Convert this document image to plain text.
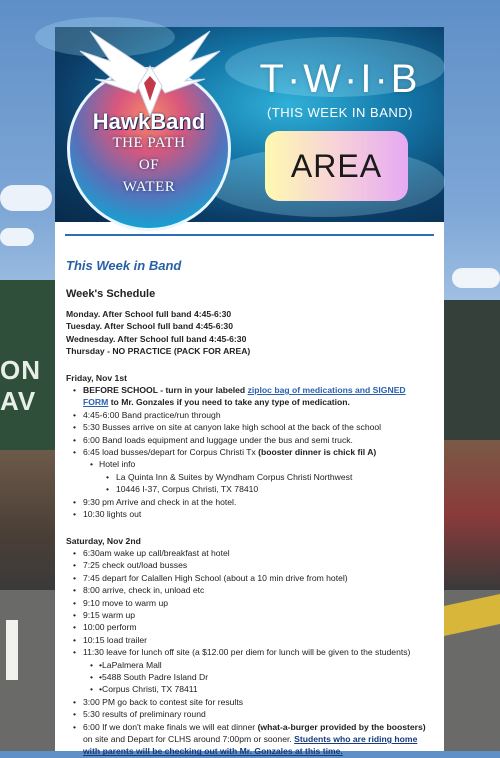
ON
AV
HawkBand
THE PATH
OF
WATER
T·W·I·B
(THIS WEEK IN BAND)
AREA
This Week in Band
Week's Schedule
Monday. After School full band 4:45-6:30
Tuesday. After School full band 4:45-6:30
Wednesday. After School full band 4:45-6:30
Thursday - NO PRACTICE (PACK FOR AREA)
Friday, Nov 1st
• BEFORE SCHOOL - turn in your labeled ziploc bag of medications and SIGNED FORM to Mr. Gonzales if you need to take any type of medication.
• 4:45-6:00 Band practice/run through
• 5:30 Busses arrive on site at canyon lake high school at the back of the school
• 6:00 Band loads equipment and luggage under the bus and semi truck.
• 6:45 load busses/depart for Corpus Christi Tx (booster dinner is chick fil A)
• Hotel info
• La Quinta Inn & Suites by Wyndham Corpus Christi Northwest
• 10446 I-37, Corpus Christi, TX 78410
• 9:30 pm Arrive and check in at the hotel.
• 10:30 lights out
Saturday, Nov 2nd
• 6:30am wake up call/breakfast at hotel
• 7:25 check out/load busses
• 7:45 depart for Calallen High School (about a 10 min drive from hotel)
• 8:00 arrive, check in, unload etc
• 9:10 move to warm up
• 9:15 warm up
• 10:00 perform
• 10:15 load trailer
• 11:30 leave for lunch off site (a $12.00 per diem for lunch will be given to the students)
• •LaPalmera Mall
• •5488 South Padre Island Dr
• •Corpus Christi, TX 78411
• 3:00 PM go back to contest site for results
• 5:30 results of preliminary round
• 6:00 If we don't make finals we will eat dinner (what-a-burger provided by the boosters) on site and Depart for CLHS around 7:00pm or sooner. Students who are riding home with parents will be checking out with Mr. Gonzales at this time.
